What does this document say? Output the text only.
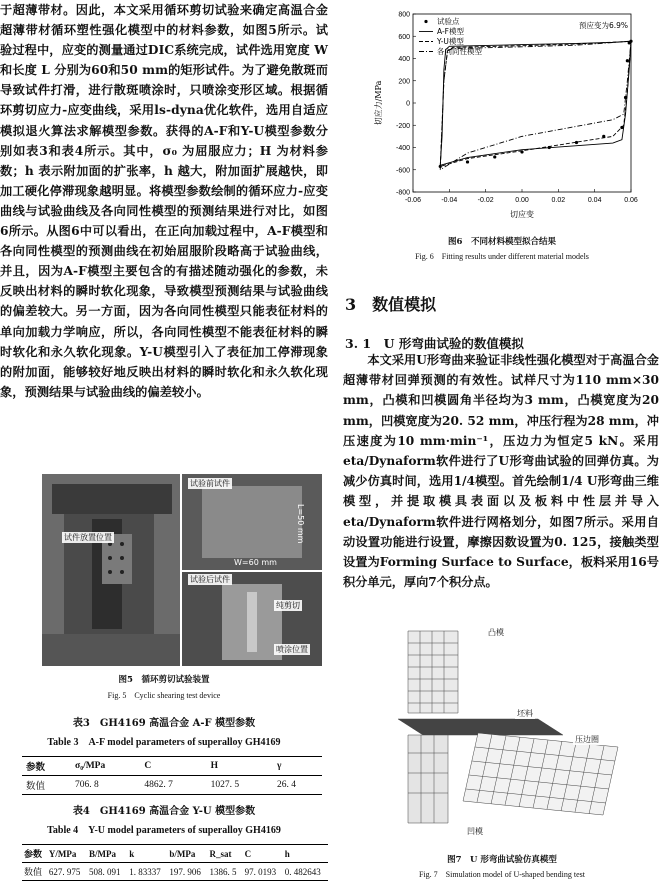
于超薄带材。因此，本文采用循环剪切试验来确定高温合金超薄带材循环塑性强化模型中的材料参数，如图5所示。试验过程中，应变的测量通过DIC系统完成，试件选用宽度 W 和长度 L 分别为60和50 mm的矩形试件。为了避免散斑而导致试件打滑，进行散斑喷涂时，只喷涂变形区域。根据循环剪切应力-应变曲线，采用ls-dyna优化软件，选用自适应模拟退火算法求解模型参数。获得的A-F和Y-U模型参数分别如表3和表4所示。其中，σ₀ 为屈服应力；H 为材料参数；h 表示附加面的扩张率，h 越大，附加面扩展越快，即加工硬化停滞现象越明显。将模型参数绘制的循环应力-应变曲线与试验曲线及各向同性模型的预测结果进行对比，如图6所示。从图6中可以看出，在正向加载过程中，A-F模型和各向同性模型的预测曲线在初始屈服阶段略高于试验曲线，并且，因为A-F模型主要包含的有描述随动强化的参数，未反映出材料的瞬时软化现象，导致模型预测结果与试验曲线的偏差较大。另一方面，因为各向同性模型只能表征材料的单向加载力学响应，所以，各向同性模型不能表征材料的瞬时软化和永久软化现象。Y-U模型引入了表征加工停滞现象的附加面，能够较好地反映出材料的瞬时软化和永久软化现象，预测结果与试验曲线的偏差较小。

试验前试件
试件放置位置
W=60 mm
L=50 mm
试验后试件
纯剪切
喷涂位置
图5　循环剪切试验装置
Fig. 5　Cyclic shearing test device
表3　GH4169 高温合金 A-F 模型参数
Table 3　A-F model parameters of superalloy GH4169
参数	σ₀/MPa	C	H	γ
数值	706. 8	4862. 7	1027. 5	26. 4
表4　GH4169 高温合金 Y-U 模型参数
Table 4　Y-U model parameters of superalloy GH4169
参数	Y/MPa	B/MPa	k	b/MPa	R_sat	C	h
数值	627. 975	508. 091	1. 83337	197. 906	1386. 5	97. 0193	0. 482643
-0.06	-0.04	-0.02	0.00	0.02	0.04	0.06
-800
-600
-400
-200
0
200
400
600
800
切应变
切应力/MPa
试验点
A-F模型
Y-U模型
各向同性模型
预应变为6.9%
图6　不同材料模型拟合结果
Fig. 6　Fitting results under different material models
3　数值模拟
3. 1　U 形弯曲试验的数值模拟

本文采用U形弯曲来验证非线性强化模型对于高温合金超薄带材回弹预测的有效性。试样尺寸为110 mm×30 mm，凸模和凹模圆角半径均为3 mm，凸模宽度为20 mm，凹模宽度为20. 52 mm，冲压行程为28 mm，冲压速度为10 mm·min⁻¹，压边力为恒定5 kN。采用eta/Dynaform软件进行了U形弯曲试验的回弹仿真。为减少仿真时间，选用1/4模型。首先绘制1/4 U形弯曲三维模型，并提取模具表面以及板料中性层并导入eta/Dynaform软件进行网格划分，如图7所示。采用自动设置功能进行设置，摩擦因数设置为0. 125，接触类型设置为Forming Surface to Surface，板料采用16号积分单元，厚向7个积分点。

凸模
坯料
压边圈
凹模
图7　U 形弯曲试验仿真模型
Fig. 7　Simulation model of U-shaped bending test
